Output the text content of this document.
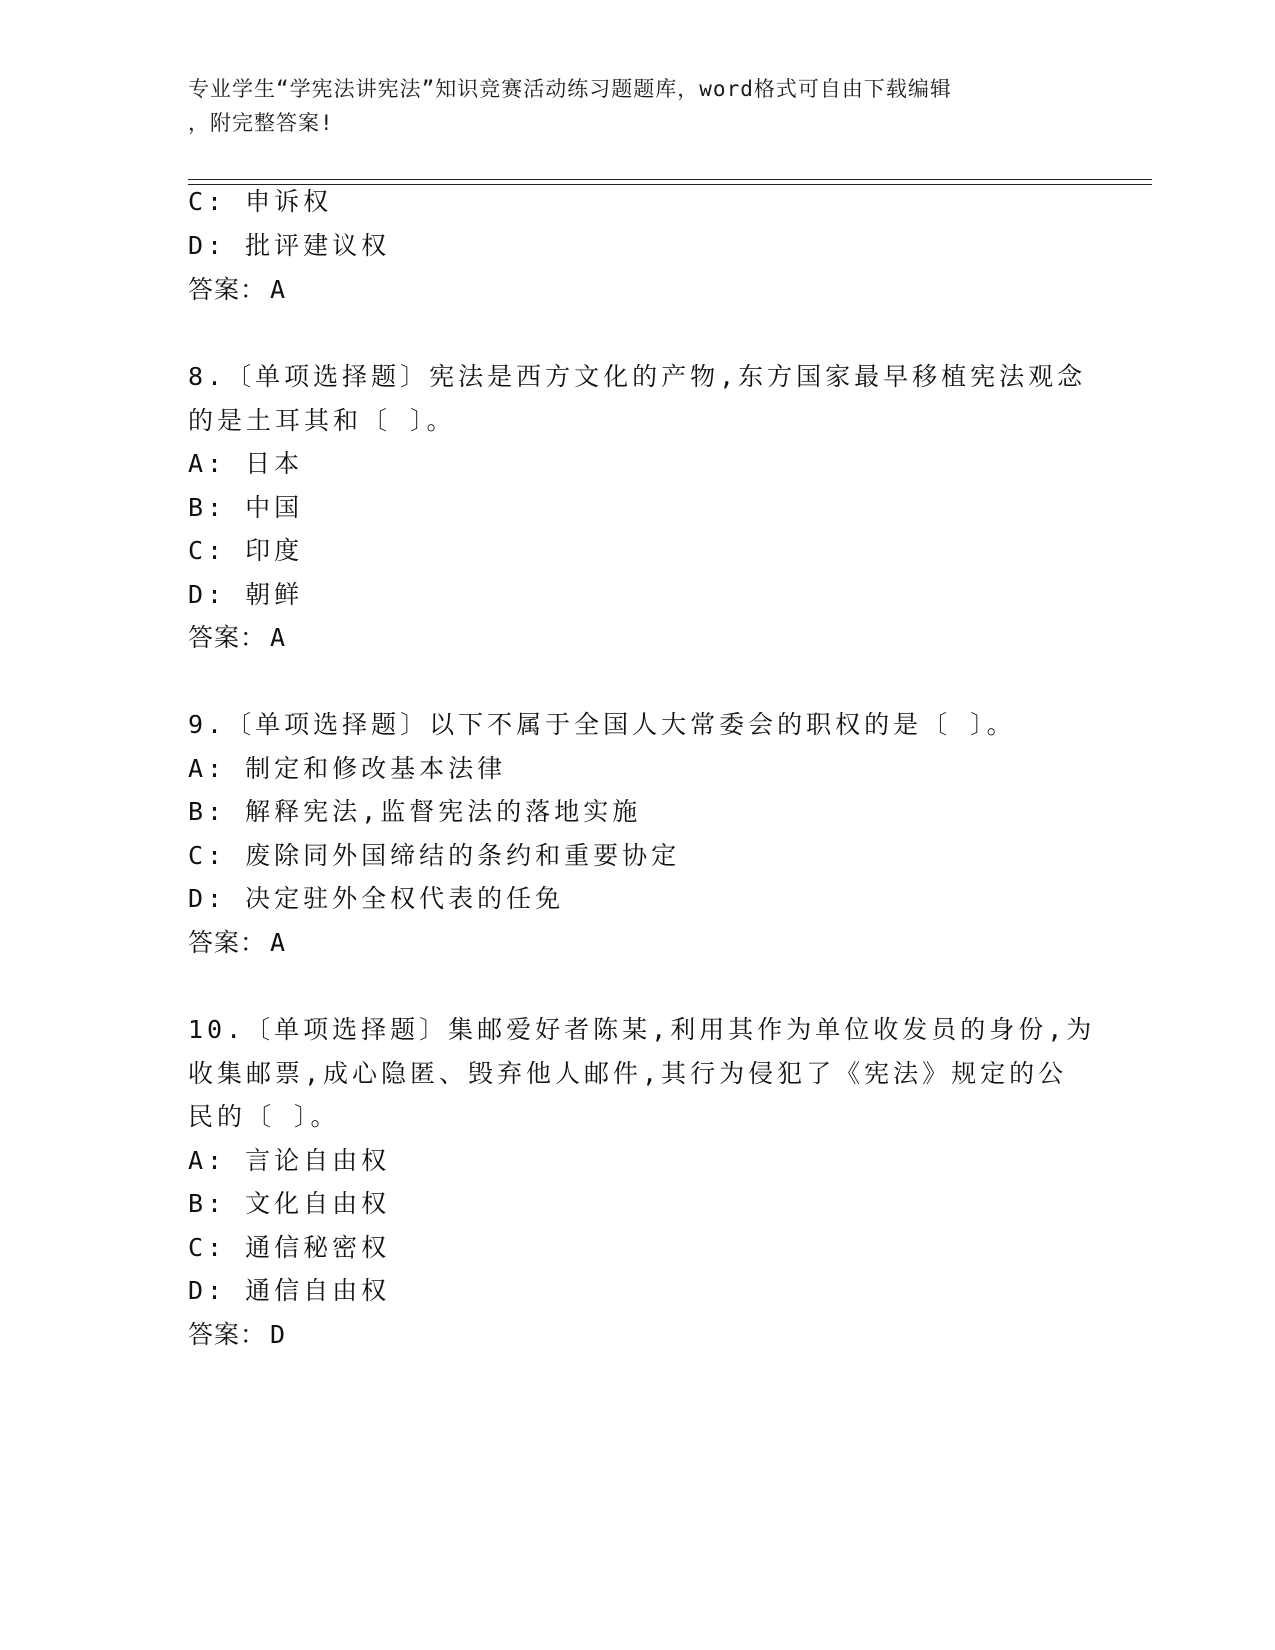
专业学生“学宪法讲宪法”知识竞赛活动练习题题库，word格式可自由下载编辑
，附完整答案!
C: 申诉权
D: 批评建议权
答案： A
8.〔单项选择题〕宪法是西方文化的产物,东方国家最早移植宪法观念
的是土耳其和〔 〕。
A: 日本
B: 中国
C: 印度
D: 朝鲜
答案： A
9.〔单项选择题〕以下不属于全国人大常委会的职权的是〔 〕。
A: 制定和修改基本法律
B: 解释宪法,监督宪法的落地实施
C: 废除同外国缔结的条约和重要协定
D: 决定驻外全权代表的任免
答案： A
10.〔单项选择题〕集邮爱好者陈某,利用其作为单位收发员的身份,为
收集邮票,成心隐匿、毁弃他人邮件,其行为侵犯了《宪法》规定的公
民的〔 〕。
A: 言论自由权
B: 文化自由权
C: 通信秘密权
D: 通信自由权
答案： D
